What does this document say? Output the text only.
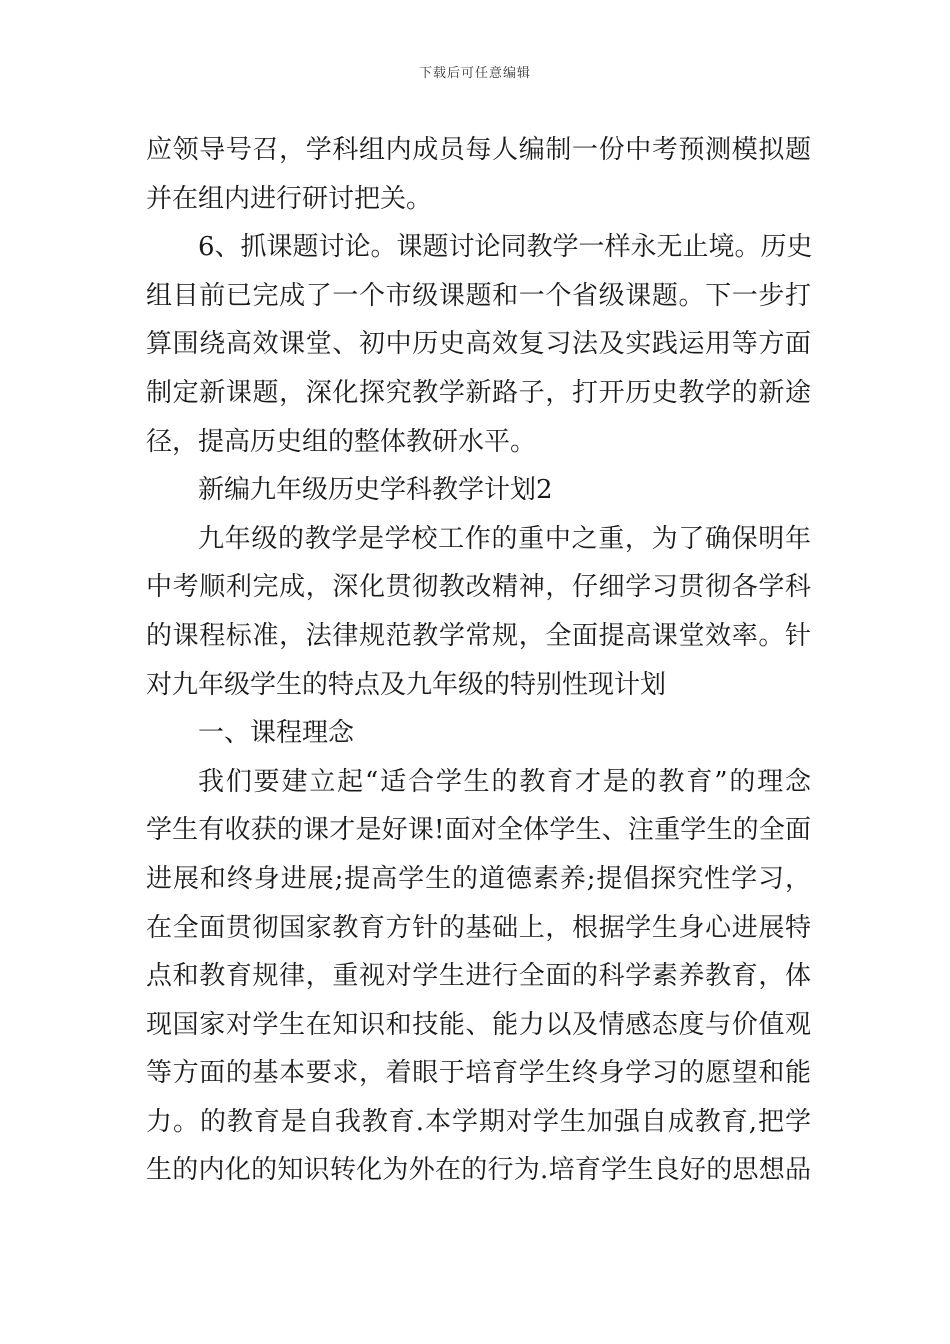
下载后可任意编辑
应领导号召，学科组内成员每人编制一份中考预测模拟题
并在组内进行研讨把关。
6、抓课题讨论。课题讨论同教学一样永无止境。历史
组目前已完成了一个市级课题和一个省级课题。下一步打
算围绕高效课堂、初中历史高效复习法及实践运用等方面
制定新课题，深化探究教学新路子，打开历史教学的新途
径，提高历史组的整体教研水平。
新编九年级历史学科教学计划2
九年级的教学是学校工作的重中之重，为了确保明年
中考顺利完成，深化贯彻教改精神，仔细学习贯彻各学科
的课程标准，法律规范教学常规，全面提高课堂效率。针
对九年级学生的特点及九年级的特别性现计划
一、课程理念
我们要建立起“适合学生的教育才是的教育”的理念
学生有收获的课才是好课!面对全体学生、注重学生的全面
进展和终身进展;提高学生的道德素养;提倡探究性学习，
在全面贯彻国家教育方针的基础上，根据学生身心进展特
点和教育规律，重视对学生进行全面的科学素养教育，体
现国家对学生在知识和技能、能力以及情感态度与价值观
等方面的基本要求，着眼于培育学生终身学习的愿望和能
力。的教育是自我教育.本学期对学生加强自成教育,把学
生的内化的知识转化为外在的行为.培育学生良好的思想品
